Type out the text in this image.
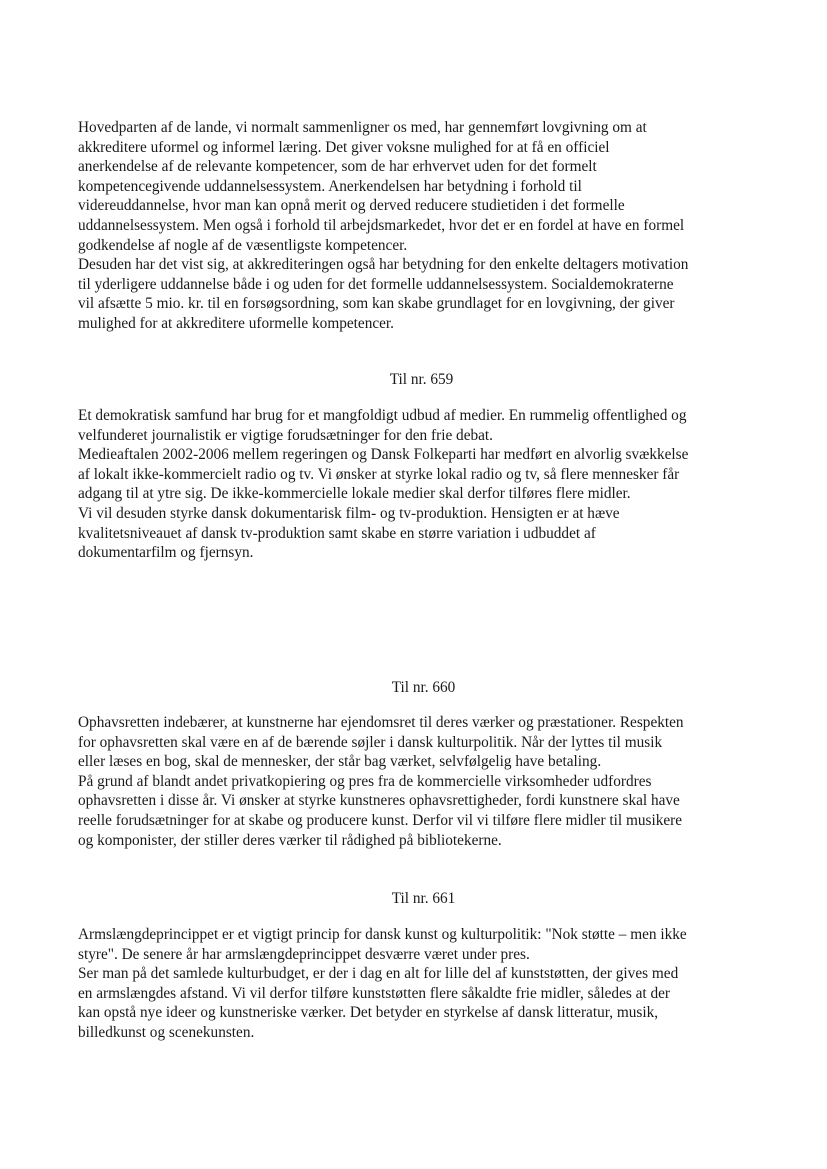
Hovedparten af de lande, vi normalt sammenligner os med, har gennemført lovgivning om at
akkreditere uformel og informel læring. Det giver voksne mulighed for at få en officiel
anerkendelse af de relevante kompetencer, som de har erhvervet uden for det formelt
kompetencegivende uddannelsessystem. Anerkendelsen har betydning i forhold til
videreuddannelse, hvor man kan opnå merit og derved reducere studietiden i det formelle
uddannelsessystem. Men også i forhold til arbejdsmarkedet, hvor det er en fordel at have en formel
godkendelse af nogle af de væsentligste kompetencer.
Desuden har det vist sig, at akkrediteringen også har betydning for den enkelte deltagers motivation
til yderligere uddannelse både i og uden for det formelle uddannelsessystem. Socialdemokraterne
vil afsætte 5 mio. kr. til en forsøgsordning, som kan skabe grundlaget for en lovgivning, der giver
mulighed for at akkreditere uformelle kompetencer.
Til nr. 659
Et demokratisk samfund har brug for et mangfoldigt udbud af medier. En rummelig offentlighed og
velfunderet journalistik er vigtige forudsætninger for den frie debat.
Medieaftalen 2002-2006 mellem regeringen og Dansk Folkeparti har medført en alvorlig svækkelse
af lokalt ikke-kommercielt radio og tv. Vi ønsker at styrke lokal radio og tv, så flere mennesker får
adgang til at ytre sig. De ikke-kommercielle lokale medier skal derfor tilføres flere midler.
Vi vil desuden styrke dansk dokumentarisk film- og tv-produktion. Hensigten er at hæve
kvalitetsniveauet af dansk tv-produktion samt skabe en større variation i udbuddet af
dokumentarfilm og fjernsyn.
Til nr. 660
Ophavsretten indebærer, at kunstnerne har ejendomsret til deres værker og præstationer. Respekten
for ophavsretten skal være en af de bærende søjler i dansk kulturpolitik. Når der lyttes til musik
eller læses en bog, skal de mennesker, der står bag værket, selvfølgelig have betaling.
På grund af blandt andet privatkopiering og pres fra de kommercielle virksomheder udfordres
ophavsretten i disse år. Vi ønsker at styrke kunstneres ophavsrettigheder, fordi kunstnere skal have
reelle forudsætninger for at skabe og producere kunst. Derfor vil vi tilføre flere midler til musikere
og komponister, der stiller deres værker til rådighed på bibliotekerne.
Til nr. 661
Armslængdeprincippet er et vigtigt princip for dansk kunst og kulturpolitik: "Nok støtte – men ikke
styre". De senere år har armslængdeprincippet desværre været under pres.
Ser man på det samlede kulturbudget, er der i dag en alt for lille del af kunststøtten, der gives med
en armslængdes afstand. Vi vil derfor tilføre kunststøtten flere såkaldte frie midler, således at der
kan opstå nye ideer og kunstneriske værker. Det betyder en styrkelse af dansk litteratur, musik,
billedkunst og scenekunsten.
